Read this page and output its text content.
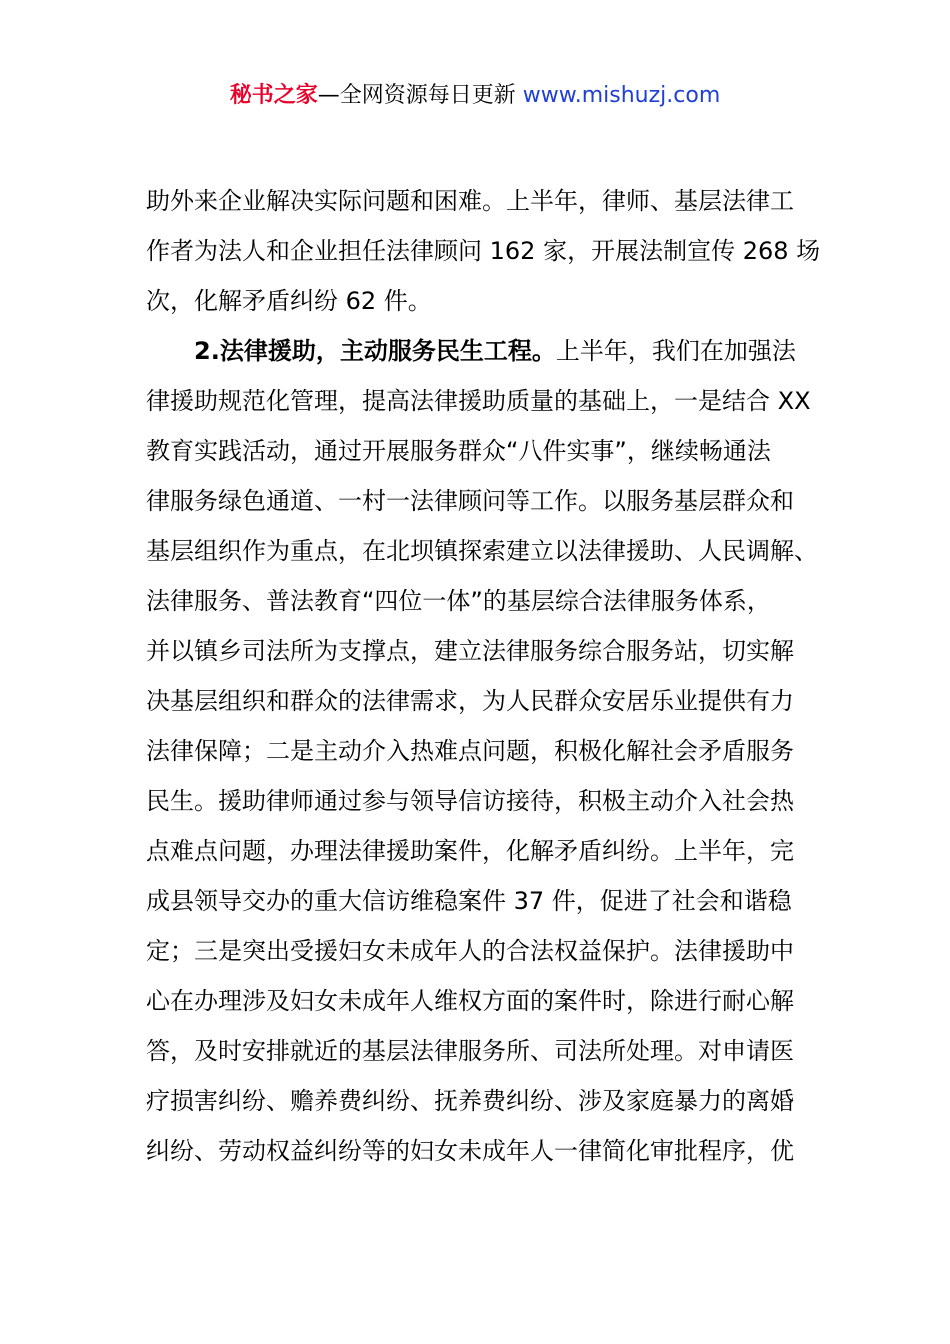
秘书之家—全网资源每日更新 www.mishuzj.com
助外来企业解决实际问题和困难。上半年，律师、基层法律工
作者为法人和企业担任法律顾问 162 家，开展法制宣传 268 场
次，化解矛盾纠纷 62 件。
2.法律援助，主动服务民生工程。上半年，我们在加强法
律援助规范化管理，提高法律援助质量的基础上，一是结合 XX
教育实践活动，通过开展服务群众“八件实事”，继续畅通法
律服务绿色通道、一村一法律顾问等工作。以服务基层群众和
基层组织作为重点，在北坝镇探索建立以法律援助、人民调解、
法律服务、普法教育“四位一体”的基层综合法律服务体系，
并以镇乡司法所为支撑点，建立法律服务综合服务站，切实解
决基层组织和群众的法律需求，为人民群众安居乐业提供有力
法律保障；二是主动介入热难点问题，积极化解社会矛盾服务
民生。援助律师通过参与领导信访接待，积极主动介入社会热
点难点问题，办理法律援助案件，化解矛盾纠纷。上半年，完
成县领导交办的重大信访维稳案件 37 件，促进了社会和谐稳
定；三是突出受援妇女未成年人的合法权益保护。法律援助中
心在办理涉及妇女未成年人维权方面的案件时，除进行耐心解
答，及时安排就近的基层法律服务所、司法所处理。对申请医
疗损害纠纷、赡养费纠纷、抚养费纠纷、涉及家庭暴力的离婚
纠纷、劳动权益纠纷等的妇女未成年人一律简化审批程序，优
